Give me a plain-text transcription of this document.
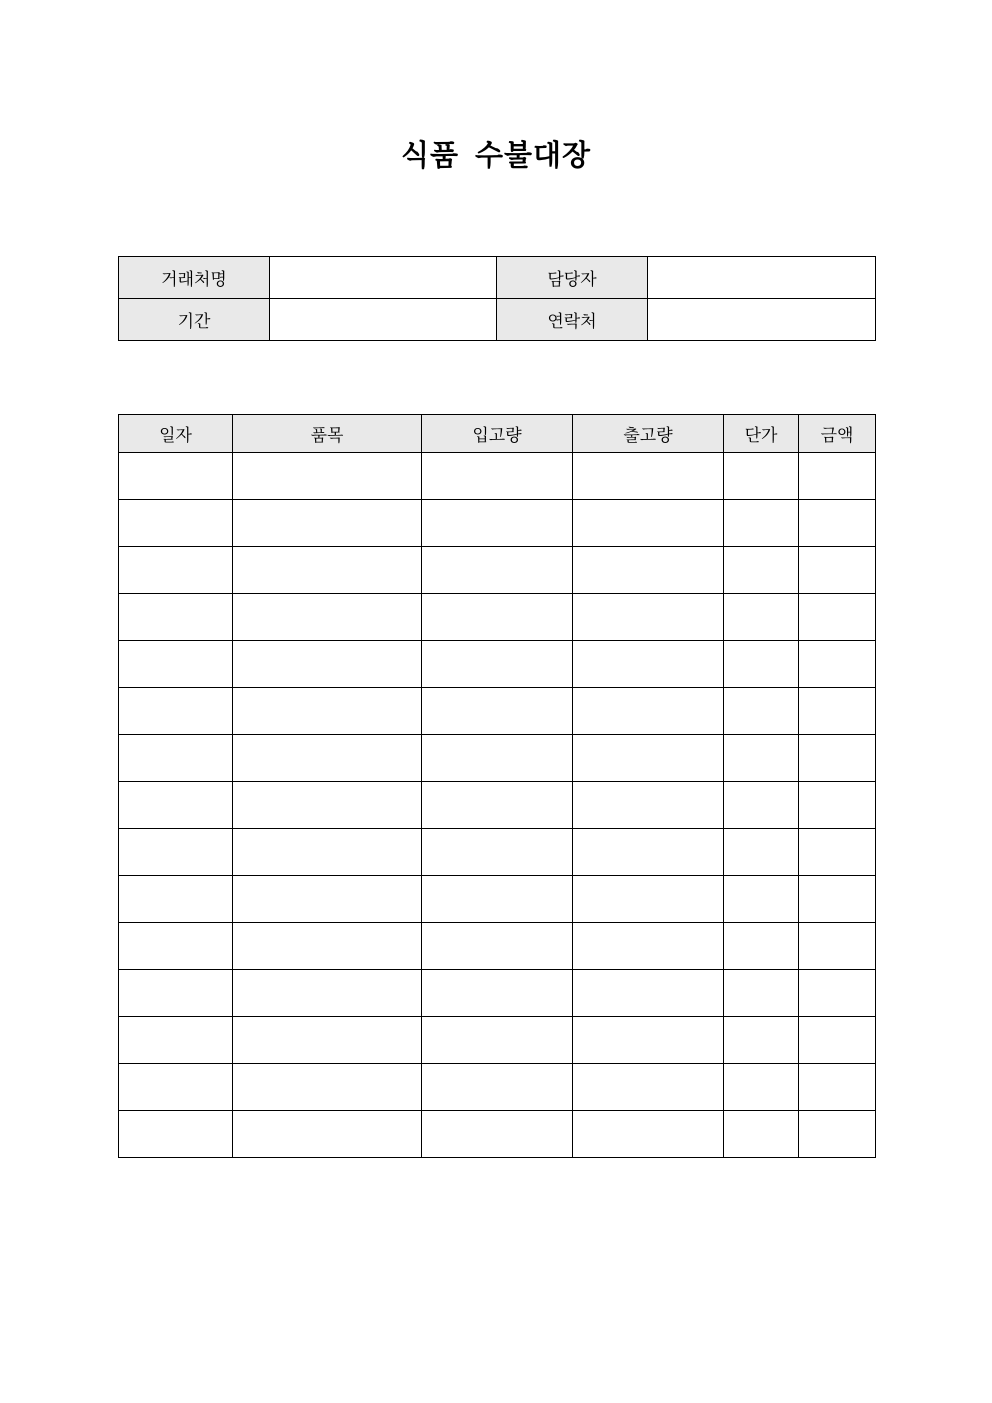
식품 수불대장
거래처명		담당자	
기간		연락처	
일자	품목	입고량	출고량	단가	금액
